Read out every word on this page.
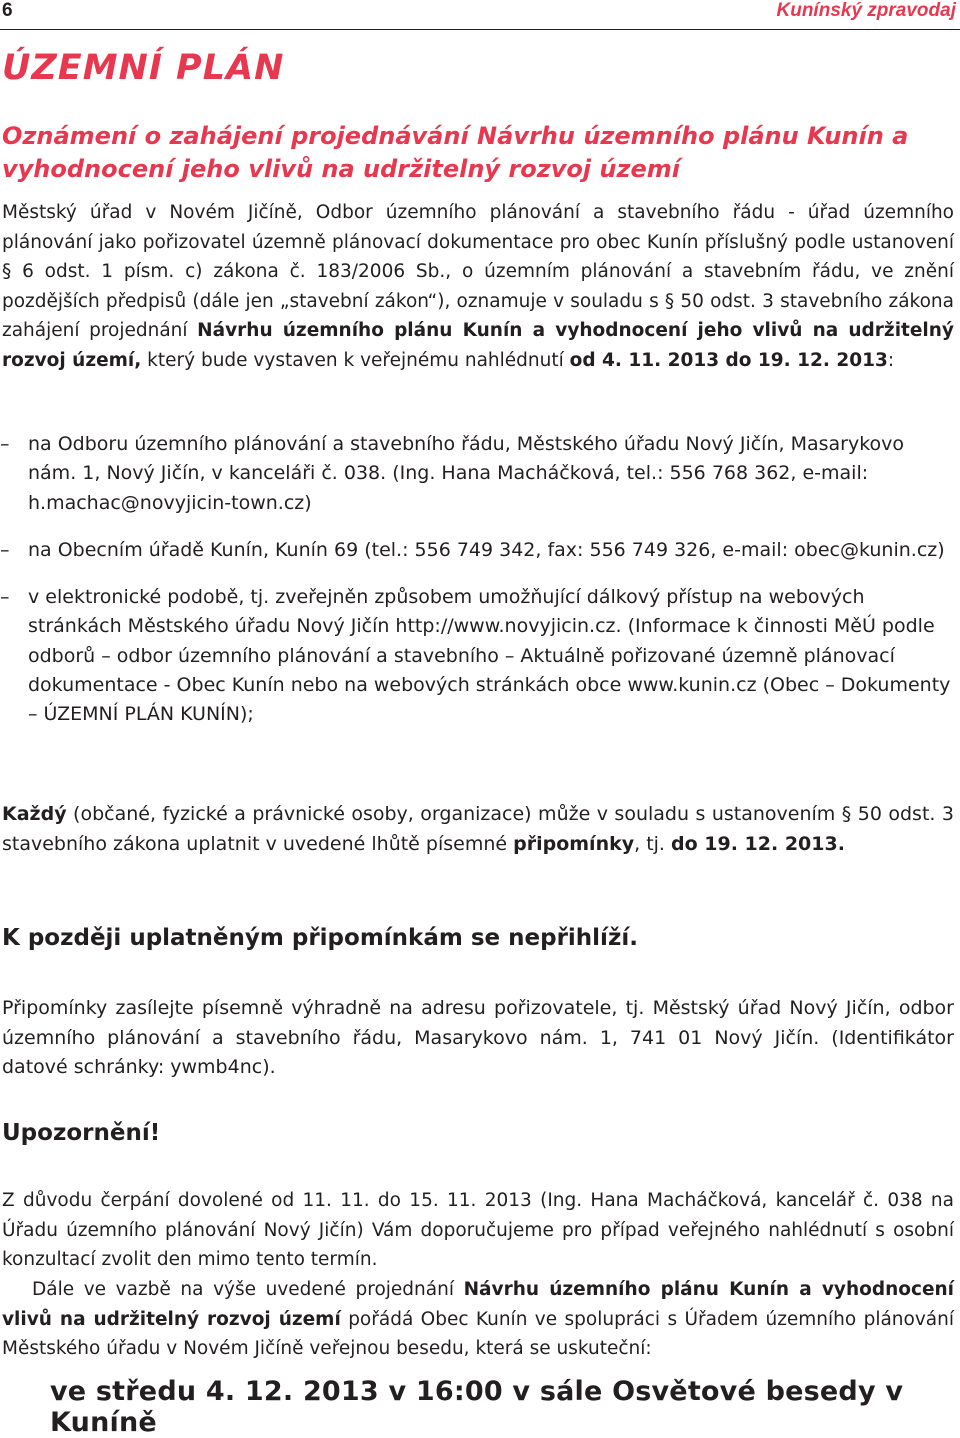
6	Kunínský zpravodaj
ÚZEMNÍ PLÁN
Oznámení o zahájení projednávání Návrhu územního plánu Kunín a vyhodnocení jeho vlivů na udržitelný rozvoj území
Městský úřad v Novém Jičíně, Odbor územního plánování a stavebního řádu - úřad územního plánování jako pořizovatel územně plánovací dokumentace pro obec Kunín příslušný podle ustanovení § 6 odst. 1 písm. c) zákona č. 183/2006 Sb., o územním plánování a stavebním řádu, ve znění pozdějších předpisů (dále jen „stavební zákon“), oznamuje v souladu s § 50 odst. 3 stavebního zákona zahájení projednání Návrhu územního plánu Kunín a vyhodnocení jeho vlivů na udržitelný rozvoj území, který bude vystaven k veřejnému nahlédnutí od 4. 11. 2013 do 19. 12. 2013:
– na Odboru územního plánování a stavebního řádu, Městského úřadu Nový Jičín, Masarykovo nám. 1, Nový Jičín, v kanceláři č. 038. (Ing. Hana Macháčková, tel.: 556 768 362, e-mail: h.machac@novyjicin-town.cz)
– na Obecním úřadě Kunín, Kunín 69 (tel.: 556 749 342, fax: 556 749 326, e-mail: obec@kunin.cz)
– v elektronické podobě, tj. zveřejněn způsobem umožňující dálkový přístup na webových stránkách Městského úřadu Nový Jičín http://www.novyjicin.cz. (Informace k činnosti MěÚ podle odborů – odbor územního plánování a stavebního – Aktuálně pořizované územně plánovací dokumentace - Obec Kunín nebo na webových stránkách obce www.kunin.cz (Obec – Dokumenty – ÚZEMNÍ PLÁN KUNÍN);
Každý (občané, fyzické a právnické osoby, organizace) může v souladu s ustanovením § 50 odst. 3 stavebního zákona uplatnit v uvedené lhůtě písemné připomínky, tj. do 19. 12. 2013.
K později uplatněným připomínkám se nepřihlíží.
Připomínky zasílejte písemně výhradně na adresu pořizovatele, tj. Městský úřad Nový Jičín, odbor územního plánování a stavebního řádu, Masarykovo nám. 1, 741 01 Nový Jičín. (Identifikátor datové schránky: ywmb4nc).
Upozornění!
Z důvodu čerpání dovolené od 11. 11. do 15. 11. 2013 (Ing. Hana Macháčková, kancelář č. 038 na Úřadu územního plánování Nový Jičín) Vám doporučujeme pro případ veřejného nahlédnutí s osobní konzultací zvolit den mimo tento termín.
Dále ve vazbě na výše uvedené projednání Návrhu územního plánu Kunín a vyhodnocení vlivů na udržitelný rozvoj území pořádá Obec Kunín ve spolupráci s Úřadem územního plánování Městského úřadu v Novém Jičíně veřejnou besedu, která se uskuteční:
ve středu 4. 12. 2013 v 16:00 v sále Osvětové besedy v Kuníně
